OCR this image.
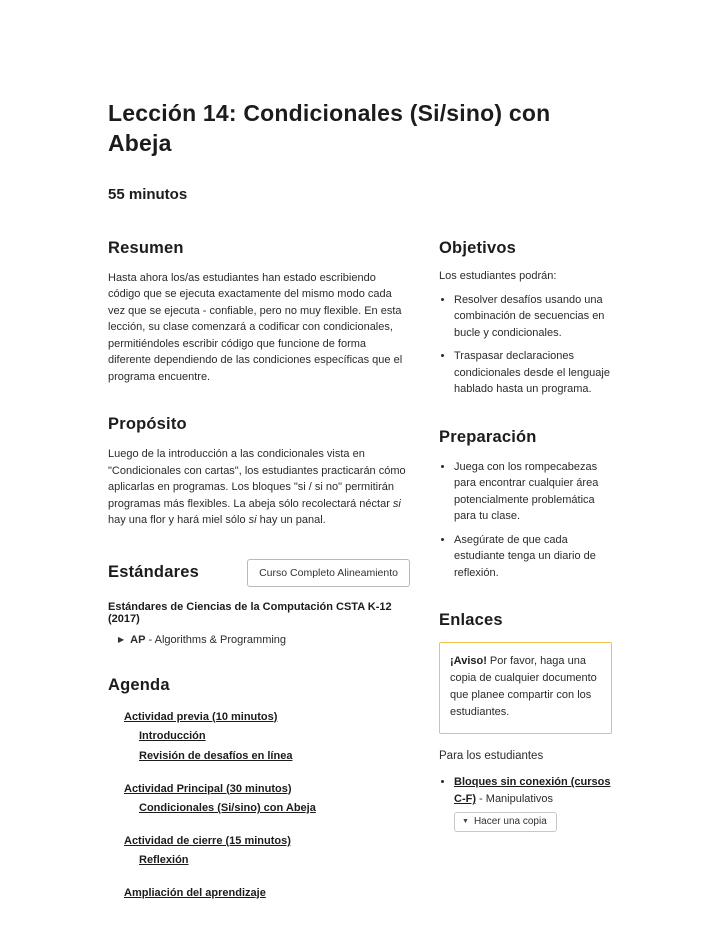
Lección 14: Condicionales (Si/sino) con Abeja
55 minutos
Resumen

Hasta ahora los/as estudiantes han estado escribiendo código que se ejecuta exactamente del mismo modo cada vez que se ejecuta - confiable, pero no muy flexible. En esta lección, su clase comenzará a codificar con condicionales, permitiéndoles escribir código que funcione de forma diferente dependiendo de las condiciones específicas que el programa encuentre.

Propósito

Luego de la introducción a las condicionales vista en "Condicionales con cartas", los estudiantes practicarán cómo aplicarlas en programas. Los bloques "si / si no" permitirán programas más flexibles. La abeja sólo recolectará néctar si hay una flor y hará miel sólo si hay un panal.

Estándares	Curso Completo Alineamiento
Estándares de Ciencias de la Computación CSTA K-12 (2017)
▶ AP - Algorithms & Programming
Agenda
Actividad previa (10 minutos)
Introducción
Revisión de desafíos en línea
Actividad Principal (30 minutos)
Condicionales (Si/sino) con Abeja
Actividad de cierre (15 minutos)
Reflexión
Ampliación del aprendizaje
Objetivos
Los estudiantes podrán:
• Resolver desafíos usando una combinación de secuencias en bucle y condicionales.
• Traspasar declaraciones condicionales desde el lenguaje hablado hasta un programa.
Preparación
• Juega con los rompecabezas para encontrar cualquier área potencialmente problemática para tu clase.
• Asegúrate de que cada estudiante tenga un diario de reflexión.
Enlaces
¡Aviso! Por favor, haga una copia de cualquier documento que planee compartir con los estudiantes.
Para los estudiantes
• Bloques sin conexión (cursos C-F) - Manipulativos

▼ Hacer una copia
